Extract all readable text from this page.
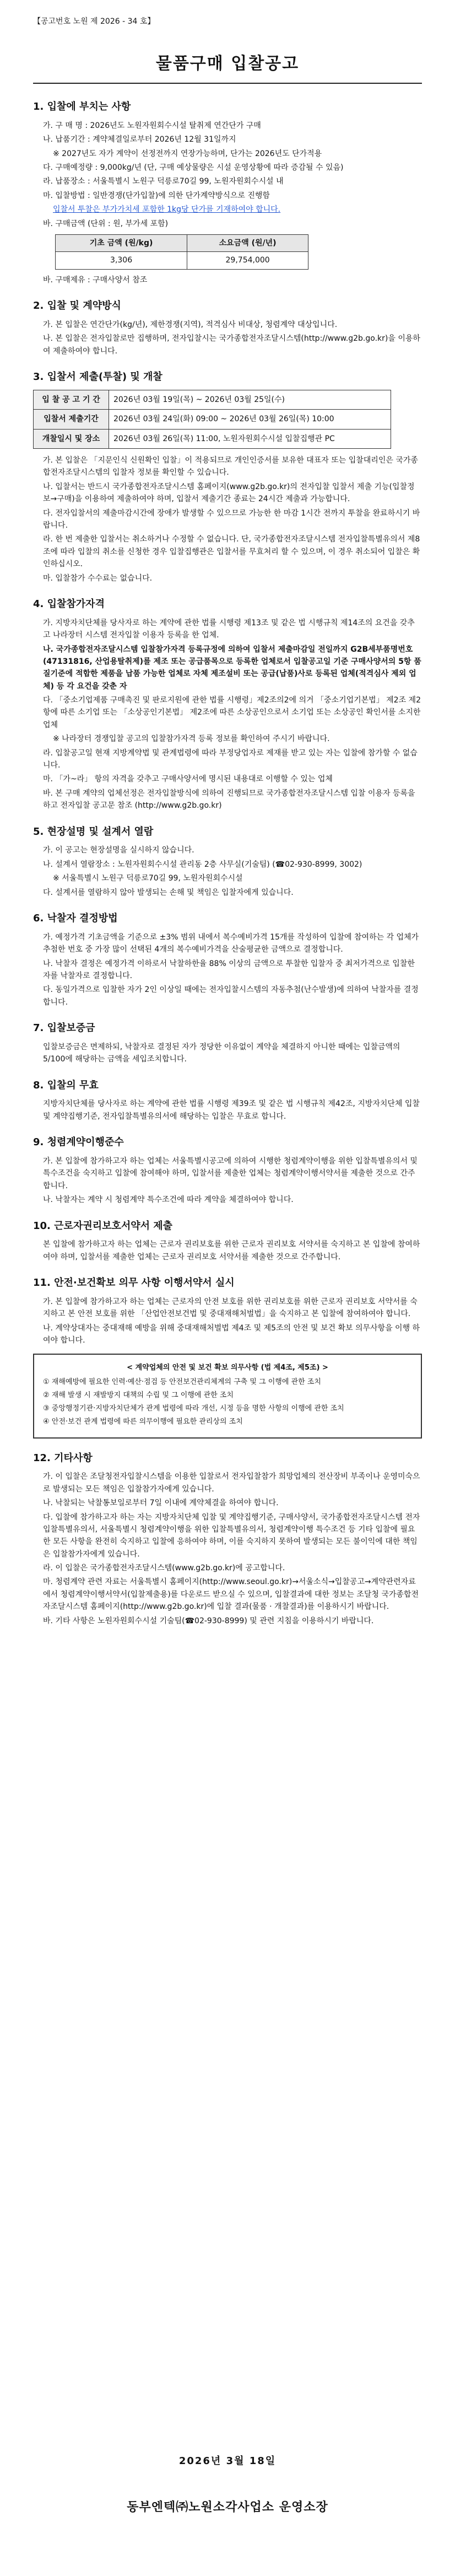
【공고번호 노원 제 2026 - 34 호】
물품구매 입찰공고
1. 입찰에 부치는 사항
가. 구 매 명 : 2026년도 노원자원회수시설 탈취제 연간단가 구매
나. 납품기간 : 계약체결일로부터 2026년 12월 31일까지
※ 2027년도 자가 계약이 선정전까지 연장가능하며, 단가는 2026년도 단가적용
다. 구매예정량 : 9,000kg/년 (단, 구매 예상물량은 시설 운영상황에 따라 증감될 수 있음)
라. 납품장소 : 서울특별시 노원구 덕릉로70길 99, 노원자원회수시설 내
마. 입찰방법 : 일반경쟁(단가입찰)에 의한 단가계약방식으로 진행함
입찰서 투찰은 부가가치세 포함한 1kg당 단가를 기재하여야 합니다.
바. 구매금액 (단위 : 원, 부가세 포함)
기초 금액 (원/kg)	소요금액 (원/년)
3,306	29,754,000
바. 구매제유 : 구매사양서 참조
2. 입찰 및 계약방식
가. 본 입찰은 연간단가(kg/년), 제한경쟁(지역), 적격심사 비대상, 청렴계약 대상입니다.
나. 본 입찰은 전자입찰로만 집행하며, 전자입찰시는 국가종합전자조달시스템(http://www.g2b.go.kr)을 이용하여 제출하여야 합니다.
3. 입찰서 제출(투찰) 및 개찰
입 찰 공 고 기 간	2026년 03월 19일(목) ~ 2026년 03월 25일(수)
입찰서 제출기간	2026년 03월 24일(화) 09:00 ~ 2026년 03월 26일(목) 10:00
개찰일시 및 장소	2026년 03월 26일(목) 11:00, 노원자원회수시설 입찰집행관 PC
가. 본 입찰은 「지문인식 신원확인 입찰」이 적용되므로 개인인증서를 보유한 대표자 또는 입찰대리인은 국가종합전자조달시스템의 입찰자 정보를 확인할 수 있습니다.
나. 입찰서는 반드시 국가종합전자조달시스템 홈페이지(www.g2b.go.kr)의 전자입찰 입찰서 제출 기능(입찰정보→구매)을 이용하여 제출하여야 하며, 입찰서 제출기간 종료는 24시간 제출과 가능합니다.
다. 전자입찰서의 제출마감시간에 장애가 발생할 수 있으므로 가능한 한 마감 1시간 전까지 투찰을 완료하시기 바랍니다.
라. 한 번 제출한 입찰서는 취소하거나 수정할 수 없습니다. 단, 국가종합전자조달시스템 전자입찰특별유의서 제8조에 따라 입찰의 취소를 신청한 경우 입찰집행관은 입찰서를 무효처리 할 수 있으며, 이 경우 취소되어 입찰은 확인하십시오.
마. 입찰참가 수수료는 없습니다.
4. 입찰참가자격
가. 지방자치단체를 당사자로 하는 계약에 관한 법률 시행령 제13조 및 같은 법 시행규칙 제14조의 요건을 갖추고 나라장터 시스템 전자입찰 이용자 등록을 한 업체.
나. 국가종합전자조달시스템 입찰참가자격 등록규정에 의하여 입찰서 제출마감일 전일까지 G2B세부품명번호(47131816, 산업용탈취제)를 제조 또는 공급품목으로 등록한 업체로서 입찰공고일 기준 구매사양서의 5항 품질기준에 적합한 제품을 납품 가능한 업체로 자체 제조설비 또는 공급(납품)사로 등록된 업체(적격심사 제외 업체) 등 각 요건을 갖춘 자
다. 「중소기업제품 구매촉진 및 판로지원에 관한 법률 시행령」제2조의2에 의거 「중소기업기본법」 제2조 제2항에 따른 소기업 또는 「소상공인기본법」 제2조에 따른 소상공인으로서 소기업 또는 소상공인 확인서를 소지한 업체
※ 나라장터 경쟁입찰 공고의 입찰참가자격 등록 정보를 확인하여 주시기 바랍니다.
라. 입찰공고일 현재 지방계약법 및 관계법령에 따라 부정당업자로 제재를 받고 있는 자는 입찰에 참가할 수 없습니다.
마. 「가~라」 항의 자격을 갖추고 구매사양서에 명시된 내용대로 이행할 수 있는 업체
바. 본 구매 계약의 업체선정은 전자입찰방식에 의하여 진행되므로 국가종합전자조달시스템 입찰 이용자 등록을 하고 전자입찰 공고문 참조 (http://www.g2b.go.kr)
5. 현장설명 및 설계서 열람
가. 이 공고는 현장설명을 실시하지 않습니다.
나. 설계서 열람장소 : 노원자원회수시설 관리동 2층 사무실(기술팀) (☎02-930-8999, 3002)
※ 서울특별시 노원구 덕릉로70길 99, 노원자원회수시설
다. 설계서를 열람하지 않아 발생되는 손해 및 책임은 입찰자에게 있습니다.
6. 낙찰자 결정방법
가. 예정가격 기초금액을 기준으로 ±3% 범위 내에서 복수예비가격 15개를 작성하여 입찰에 참여하는 각 업체가 추첨한 번호 중 가장 많이 선택된 4개의 복수예비가격을 산술평균한 금액으로 결정합니다.
나. 낙찰자 결정은 예정가격 이하로서 낙찰하한율 88% 이상의 금액으로 투찰한 입찰자 중 최저가격으로 입찰한 자를 낙찰자로 결정합니다.
다. 동일가격으로 입찰한 자가 2인 이상일 때에는 전자입찰시스템의 자동추첨(난수발생)에 의하여 낙찰자를 결정합니다.
7. 입찰보증금
입찰보증금은 면제하되, 낙찰자로 결정된 자가 정당한 이유없이 계약을 체결하지 아니한 때에는 입찰금액의 5/100에 해당하는 금액을 세입조치합니다.
8. 입찰의 무효
지방자치단체를 당사자로 하는 계약에 관한 법률 시행령 제39조 및 같은 법 시행규칙 제42조, 지방자치단체 입찰 및 계약집행기준, 전자입찰특별유의서에 해당하는 입찰은 무효로 합니다.
9. 청렴계약이행준수
가. 본 입찰에 참가하고자 하는 업체는 서울특별시공고에 의하여 시행한 청렴계약이행을 위한 입찰특별유의서 및 특수조건을 숙지하고 입찰에 참여해야 하며, 입찰서를 제출한 업체는 청렴계약이행서약서를 제출한 것으로 간주합니다.
나. 낙찰자는 계약 시 청렴계약 특수조건에 따라 계약을 체결하여야 합니다.
10. 근로자권리보호서약서 제출
본 입찰에 참가하고자 하는 업체는 근로자 권리보호를 위한 근로자 권리보호 서약서를 숙지하고 본 입찰에 참여하여야 하며, 입찰서를 제출한 업체는 근로자 권리보호 서약서를 제출한 것으로 간주합니다.
11. 안전·보건확보 의무 사항 이행서약서 실시
가. 본 입찰에 참가하고자 하는 업체는 근로자의 안전 보호를 위한 권리보호를 위한 근로자 권리보호 서약서를 숙지하고 본 안전 보호를 위한 「산업안전보건법 및 중대재해처벌법」을 숙지하고 본 입찰에 참여하여야 합니다.
나. 계약상대자는 중대재해 예방을 위해 중대재해처벌법 제4조 및 제5조의 안전 및 보건 확보 의무사항을 이행 하여야 합니다.
< 계약업체의 안전 및 보건 확보 의무사항 (법 제4조, 제5조) >
① 재해예방에 필요한 인력·예산·점검 등 안전보건관리체계의 구축 및 그 이행에 관한 조치
② 재해 발생 시 재발방지 대책의 수립 및 그 이행에 관한 조치
③ 중앙행정기관·지방자치단체가 관계 법령에 따라 개선, 시정 등을 명한 사항의 이행에 관한 조치
④ 안전·보건 관계 법령에 따른 의무이행에 필요한 관리상의 조치
12. 기타사항
가. 이 입찰은 조달청전자입찰시스템을 이용한 입찰로서 전자입찰참가 희망업체의 전산장비 부족이나 운영미숙으로 발생되는 모든 책임은 입찰참가자에게 있습니다.
나. 낙찰되는 낙찰통보일로부터 7일 이내에 계약체결을 하여야 합니다.
다. 입찰에 참가하고자 하는 자는 지방자치단체 입찰 및 계약집행기준, 구매사양서, 국가종합전자조달시스템 전자입찰특별유의서, 서울특별시 청렴계약이행을 위한 입찰특별유의서, 청렴계약이행 특수조건 등 기타 입찰에 필요한 모든 사항을 완전히 숙지하고 입찰에 응하여야 하며, 이를 숙지하지 못하여 발생되는 모든 불이익에 대한 책임은 입찰참가자에게 있습니다.
라. 이 입찰은 국가종합전자조달시스템(www.g2b.go.kr)에 공고합니다.
마. 청렴계약 관련 자료는 서울특별시 홈페이지(http://www.seoul.go.kr)→서울소식→입찰공고→계약관련자료에서 청렴계약이행서약서(입찰제출용)를 다운로드 받으실 수 있으며, 입찰결과에 대한 정보는 조달청 국가종합전자조달시스템 홈페이지(http://www.g2b.go.kr)에 입찰 결과(물품 · 개찰결과)를 이용하시기 바랍니다.
바. 기타 사항은 노원자원회수시설 기술팀(☎02-930-8999) 및 관련 지침을 이용하시기 바랍니다.
2026년 3월 18일
동부엔텍㈜노원소각사업소 운영소장
